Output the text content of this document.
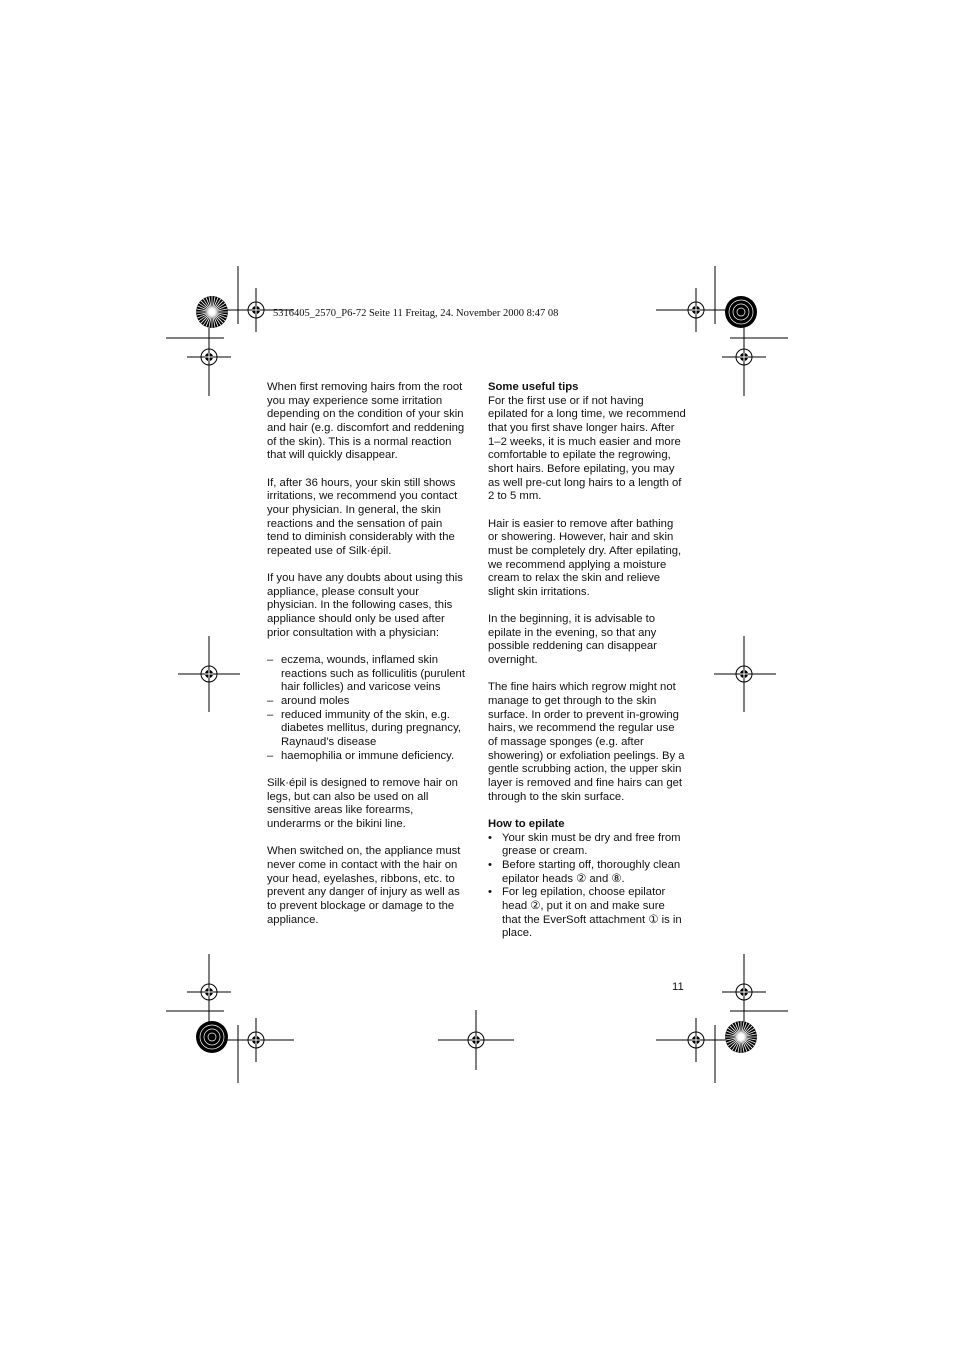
5316405_2570_P6-72 Seite 11 Freitag, 24. November 2000 8:47 08

When first removing hairs from the root you may experience some irritation depending on the condition of your skin and hair (e.g. discomfort and reddening of the skin). This is a normal reaction that will quickly disappear.

If, after 36 hours, your skin still shows irritations, we recommend you contact your physician. In general, the skin reactions and the sensation of pain tend to diminish considerably with the repeated use of Silk·épil.

If you have any doubts about using this appliance, please consult your physician. In the following cases, this appliance should only be used after prior consultation with a physician:

– eczema, wounds, inflamed skin reactions such as folliculitis (purulent hair follicles) and varicose veins
– around moles
– reduced immunity of the skin, e.g. diabetes mellitus, during pregnancy, Raynaud’s disease
– haemophilia or immune deficiency.

Silk·épil is designed to remove hair on legs, but can also be used on all sensitive areas like forearms, underarms or the bikini line.

When switched on, the appliance must never come in contact with the hair on your head, eyelashes, ribbons, etc. to prevent any danger of injury as well as to prevent blockage or damage to the appliance.

Some useful tips

For the first use or if not having epilated for a long time, we recommend that you first shave longer hairs. After 1–2 weeks, it is much easier and more comfortable to epilate the regrowing, short hairs. Before epilating, you may as well pre-cut long hairs to a length of 2 to 5 mm.

Hair is easier to remove after bathing or showering. However, hair and skin must be completely dry. After epilating, we recommend applying a moisture cream to relax the skin and relieve slight skin irritations.

In the beginning, it is advisable to epilate in the evening, so that any possible reddening can disappear overnight.

The fine hairs which regrow might not manage to get through to the skin surface. In order to prevent in-growing hairs, we recommend the regular use of massage sponges (e.g. after showering) or exfoliation peelings. By a gentle scrubbing action, the upper skin layer is removed and fine hairs can get through to the skin surface.

How to epilate
• Your skin must be dry and free from grease or cream.
• Before starting off, thoroughly clean epilator heads ② and ⑧.
• For leg epilation, choose epilator head ②, put it on and make sure that the EverSoft attachment ① is in place.
11
